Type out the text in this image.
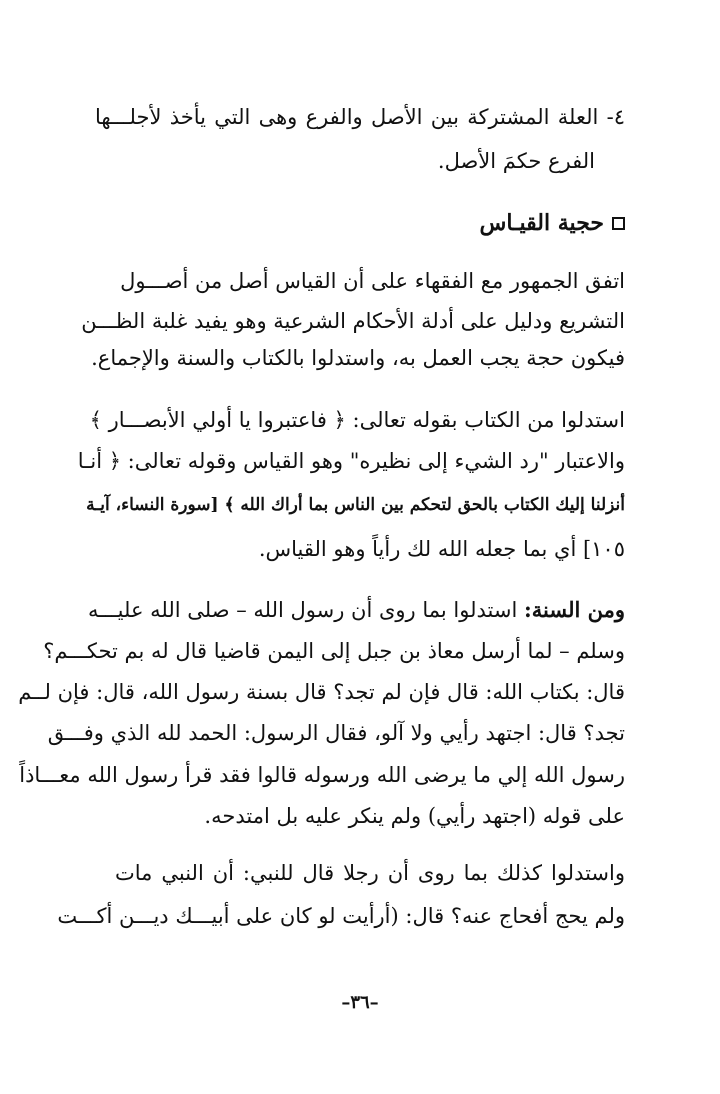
٤- العلة المشتركة بين الأصل والفرع وهى التي يأخذ لأجلـــها
الفرع حكمَ الأصل.
حجية القيـاس
اتفق الجمهور مع الفقهاء على أن القياس أصل من أصـــول
التشريع ودليل على أدلة الأحكام الشرعية وهو يفيد غلبة الظـــن
فيكون حجة يجب العمل به، واستدلوا بالكتاب والسنة والإجماع.
استدلوا من الكتاب بقوله تعالى: ﴿ فاعتبروا يا أولي الأبصـــار ﴾
والاعتبار "رد الشيء إلى نظيره" وهو القياس وقوله تعالى: ﴿ أنـا
أنزلنا إليك الكتاب بالحق لتحكم بين الناس بما أراك الله ﴾ [سورة النساء، آيـة
١٠٥] أي بما جعله الله لك رأياً وهو القياس.
ومن السنة: استدلوا بما روى أن رسول الله – صلى الله عليـــه
وسلم – لما أرسل معاذ بن جبل إلى اليمن قاضيا قال له بم تحكـــم؟
قال: بكتاب الله: قال فإن لم تجد؟ قال بسنة رسول الله، قال: فإن لــم
تجد؟ قال: اجتهد رأيي ولا آلو، فقال الرسول: الحمد لله الذي وفـــق
رسول الله إلي ما يرضى الله ورسوله قالوا فقد قرأ رسول الله معـــاذاً
على قوله (اجتهد رأيي) ولم ينكر عليه بل امتدحه.
واستدلوا كذلك بما روى أن رجلا قال للنبي: أن النبي مات
ولم يحج أفحاج عنه؟ قال: (أرأيت لو كان على أبيـــك ديـــن أكـــت
–٣٦–
